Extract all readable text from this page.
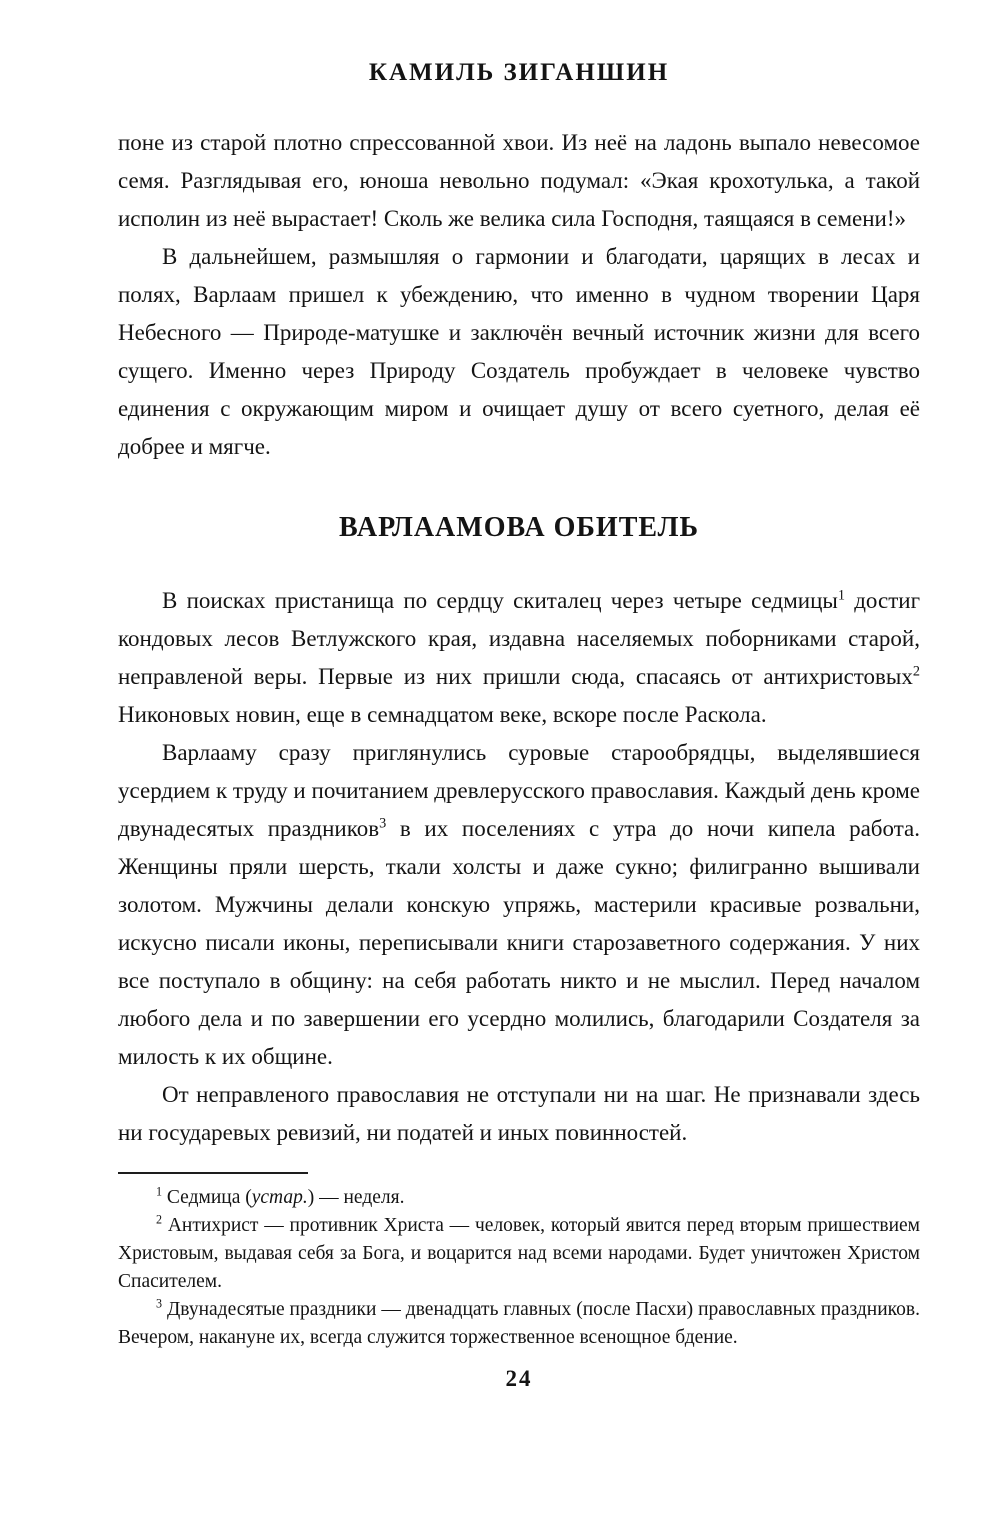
КАМИЛЬ ЗИГАНШИН

поне из старой плотно спрессованной хвои. Из неё на ладонь выпало невесомое семя. Разглядывая его, юноша невольно подумал: «Экая крохотулька, а такой исполин из неё вырастает! Сколь же велика сила Господня, таящаяся в семени!»

В дальнейшем, размышляя о гармонии и благодати, царящих в лесах и полях, Варлаам пришел к убеждению, что именно в чудном творении Царя Небесного — Природе-матушке и заключён вечный источник жизни для всего сущего. Именно через Природу Создатель пробуждает в человеке чувство единения с окружающим миром и очищает душу от всего суетного, делая её добрее и мягче.

ВАРЛААМОВА ОБИТЕЛЬ

В поисках пристанища по сердцу скиталец через четыре седмицы$^1$ достиг кондовых лесов Ветлужского края, издавна населяемых поборниками старой, неправленой веры. Первые из них пришли сюда, спасаясь от антихристовых$^2$ Никоновых новин, еще в семнадцатом веке, вскоре после Раскола.

Варлааму сразу приглянулись суровые старообрядцы, выделявшиеся усердием к труду и почитанием древлерусского православия. Каждый день кроме двунадесятых праздников$^3$ в их поселениях с утра до ночи кипела работа. Женщины пряли шерсть, ткали холсты и даже сукно; филигранно вышивали золотом. Мужчины делали конскую упряжь, мастерили красивые розвальни, искусно писали иконы, переписывали книги старозаветного содержания. У них все поступало в общину: на себя работать никто и не мыслил. Перед началом любого дела и по завершении его усердно молились, благодарили Создателя за милость к их общине.

От неправленого православия не отступали ни на шаг. Не признавали здесь ни государевых ревизий, ни податей и иных повинностей.

$^1$ Седмица (устар.) — неделя.

$^2$ Антихрист — противник Христа — человек, который явится перед вторым пришествием Христовым, выдавая себя за Бога, и воцарится над всеми народами. Будет уничтожен Христом Спасителем.

$^3$ Двунадесятые праздники — двенадцать главных (после Пасхи) православных праздников. Вечером, накануне их, всегда служится торжественное всенощное бдение.

24
